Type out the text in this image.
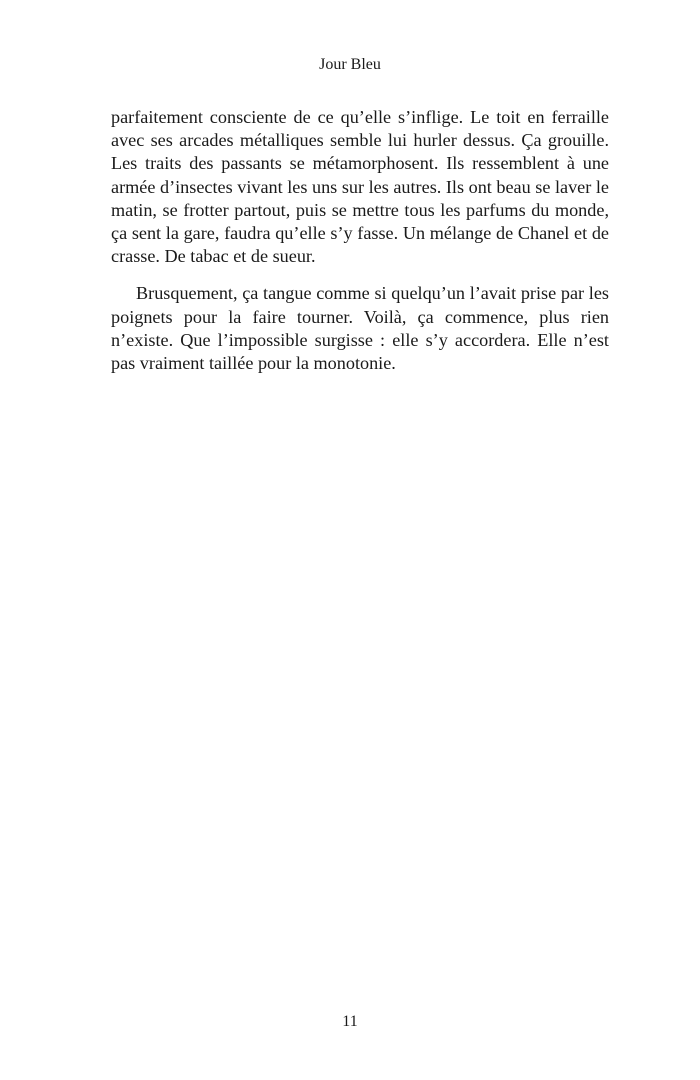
Jour Bleu

parfaitement consciente de ce qu’elle s’inflige. Le toit en ferraille avec ses arcades métalliques semble lui hurler dessus. Ça grouille. Les traits des passants se métamorphosent. Ils ressemblent à une armée d’insectes vivant les uns sur les autres. Ils ont beau se laver le matin, se frotter partout, puis se mettre tous les parfums du monde, ça sent la gare, faudra qu’elle s’y fasse. Un mélange de Chanel et de crasse. De tabac et de sueur.

Brusquement, ça tangue comme si quelqu’un l’avait prise par les poignets pour la faire tourner. Voilà, ça commence, plus rien n’existe. Que l’impossible surgisse : elle s’y accordera. Elle n’est pas vraiment taillée pour la monotonie.

11
